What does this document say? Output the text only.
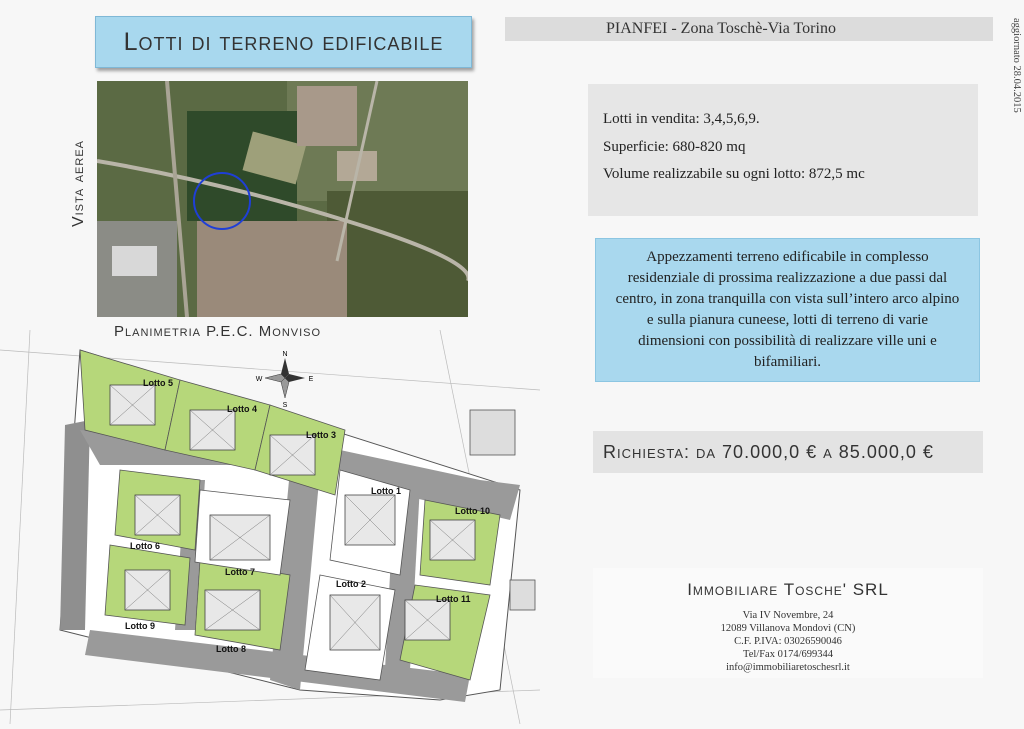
Lotti di terreno edificabile	PIANFEI - Zona Toschè-Via Torino	aggiornato 28.04.2015
Vista aerea
Planimetria P.E.C. Monviso
N
S
W	E
Lotto 1
Lotto 2
Lotto 3
Lotto 4
Lotto 5
Lotto 6
Lotto 7
Lotto 8
Lotto 9
Lotto 10
Lotto 11
Lotti in vendita: 3,4,5,6,9.
Superficie: 680-820 mq
Volume realizzabile su ogni lotto: 872,5 mc
Appezzamenti terreno edificabile in complesso residenziale di prossima realizzazione a due passi dal centro, in zona tranquilla con vista sull’intero arco alpino e sulla pianura cuneese, lotti di terreno di varie dimensioni con possibilità di realizzare ville uni e bifamiliari.
Richiesta: da 70.000,0 € a 85.000,0 €
Immobiliare Tosche' SRL
Via IV Novembre, 24
12089 Villanova Mondovì (CN)
C.F. P.IVA: 03026590046
Tel/Fax 0174/699344
info@immobiliaretoschesrl.it
